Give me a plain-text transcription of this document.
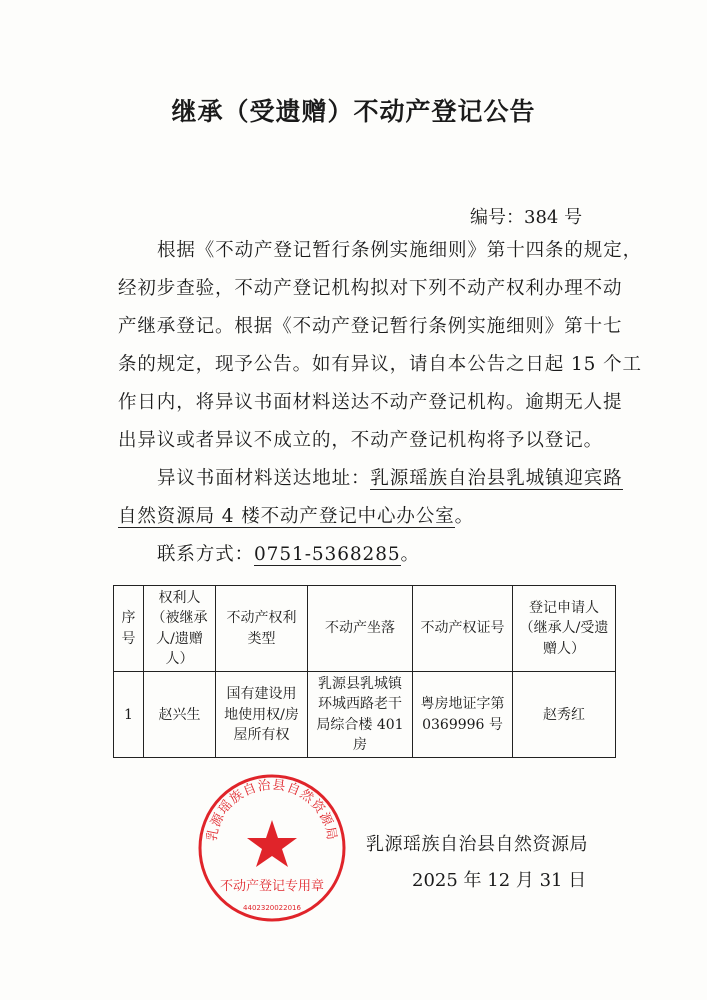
继承（受遗赠）不动产登记公告
编号：384 号
根据《不动产登记暂行条例实施细则》第十四条的规定，
经初步查验，不动产登记机构拟对下列不动产权利办理不动
产继承登记。根据《不动产登记暂行条例实施细则》第十七
条的规定，现予公告。如有异议，请自本公告之日起 15 个工
作日内，将异议书面材料送达不动产登记机构。逾期无人提
出异议或者异议不成立的，不动产登记机构将予以登记。
异议书面材料送达地址：乳源瑶族自治县乳城镇迎宾路
自然资源局 4 楼不动产登记中心办公室。
联系方式：0751-5368285。
序号	权利人（被继承人/遗赠人）	不动产权利类型	不动产坐落	不动产权证号	登记申请人（继承人/受遗赠人）
1	赵兴生	国有建设用地使用权/房屋所有权	乳源县乳城镇环城西路老干局综合楼 401 房	粤房地证字第 0369996 号	赵秀红
乳源瑶族自治县自然资源局
2025 年 12 月 31 日
乳源瑶族自治县自然资源局
不动产登记专用章
4402320022016
